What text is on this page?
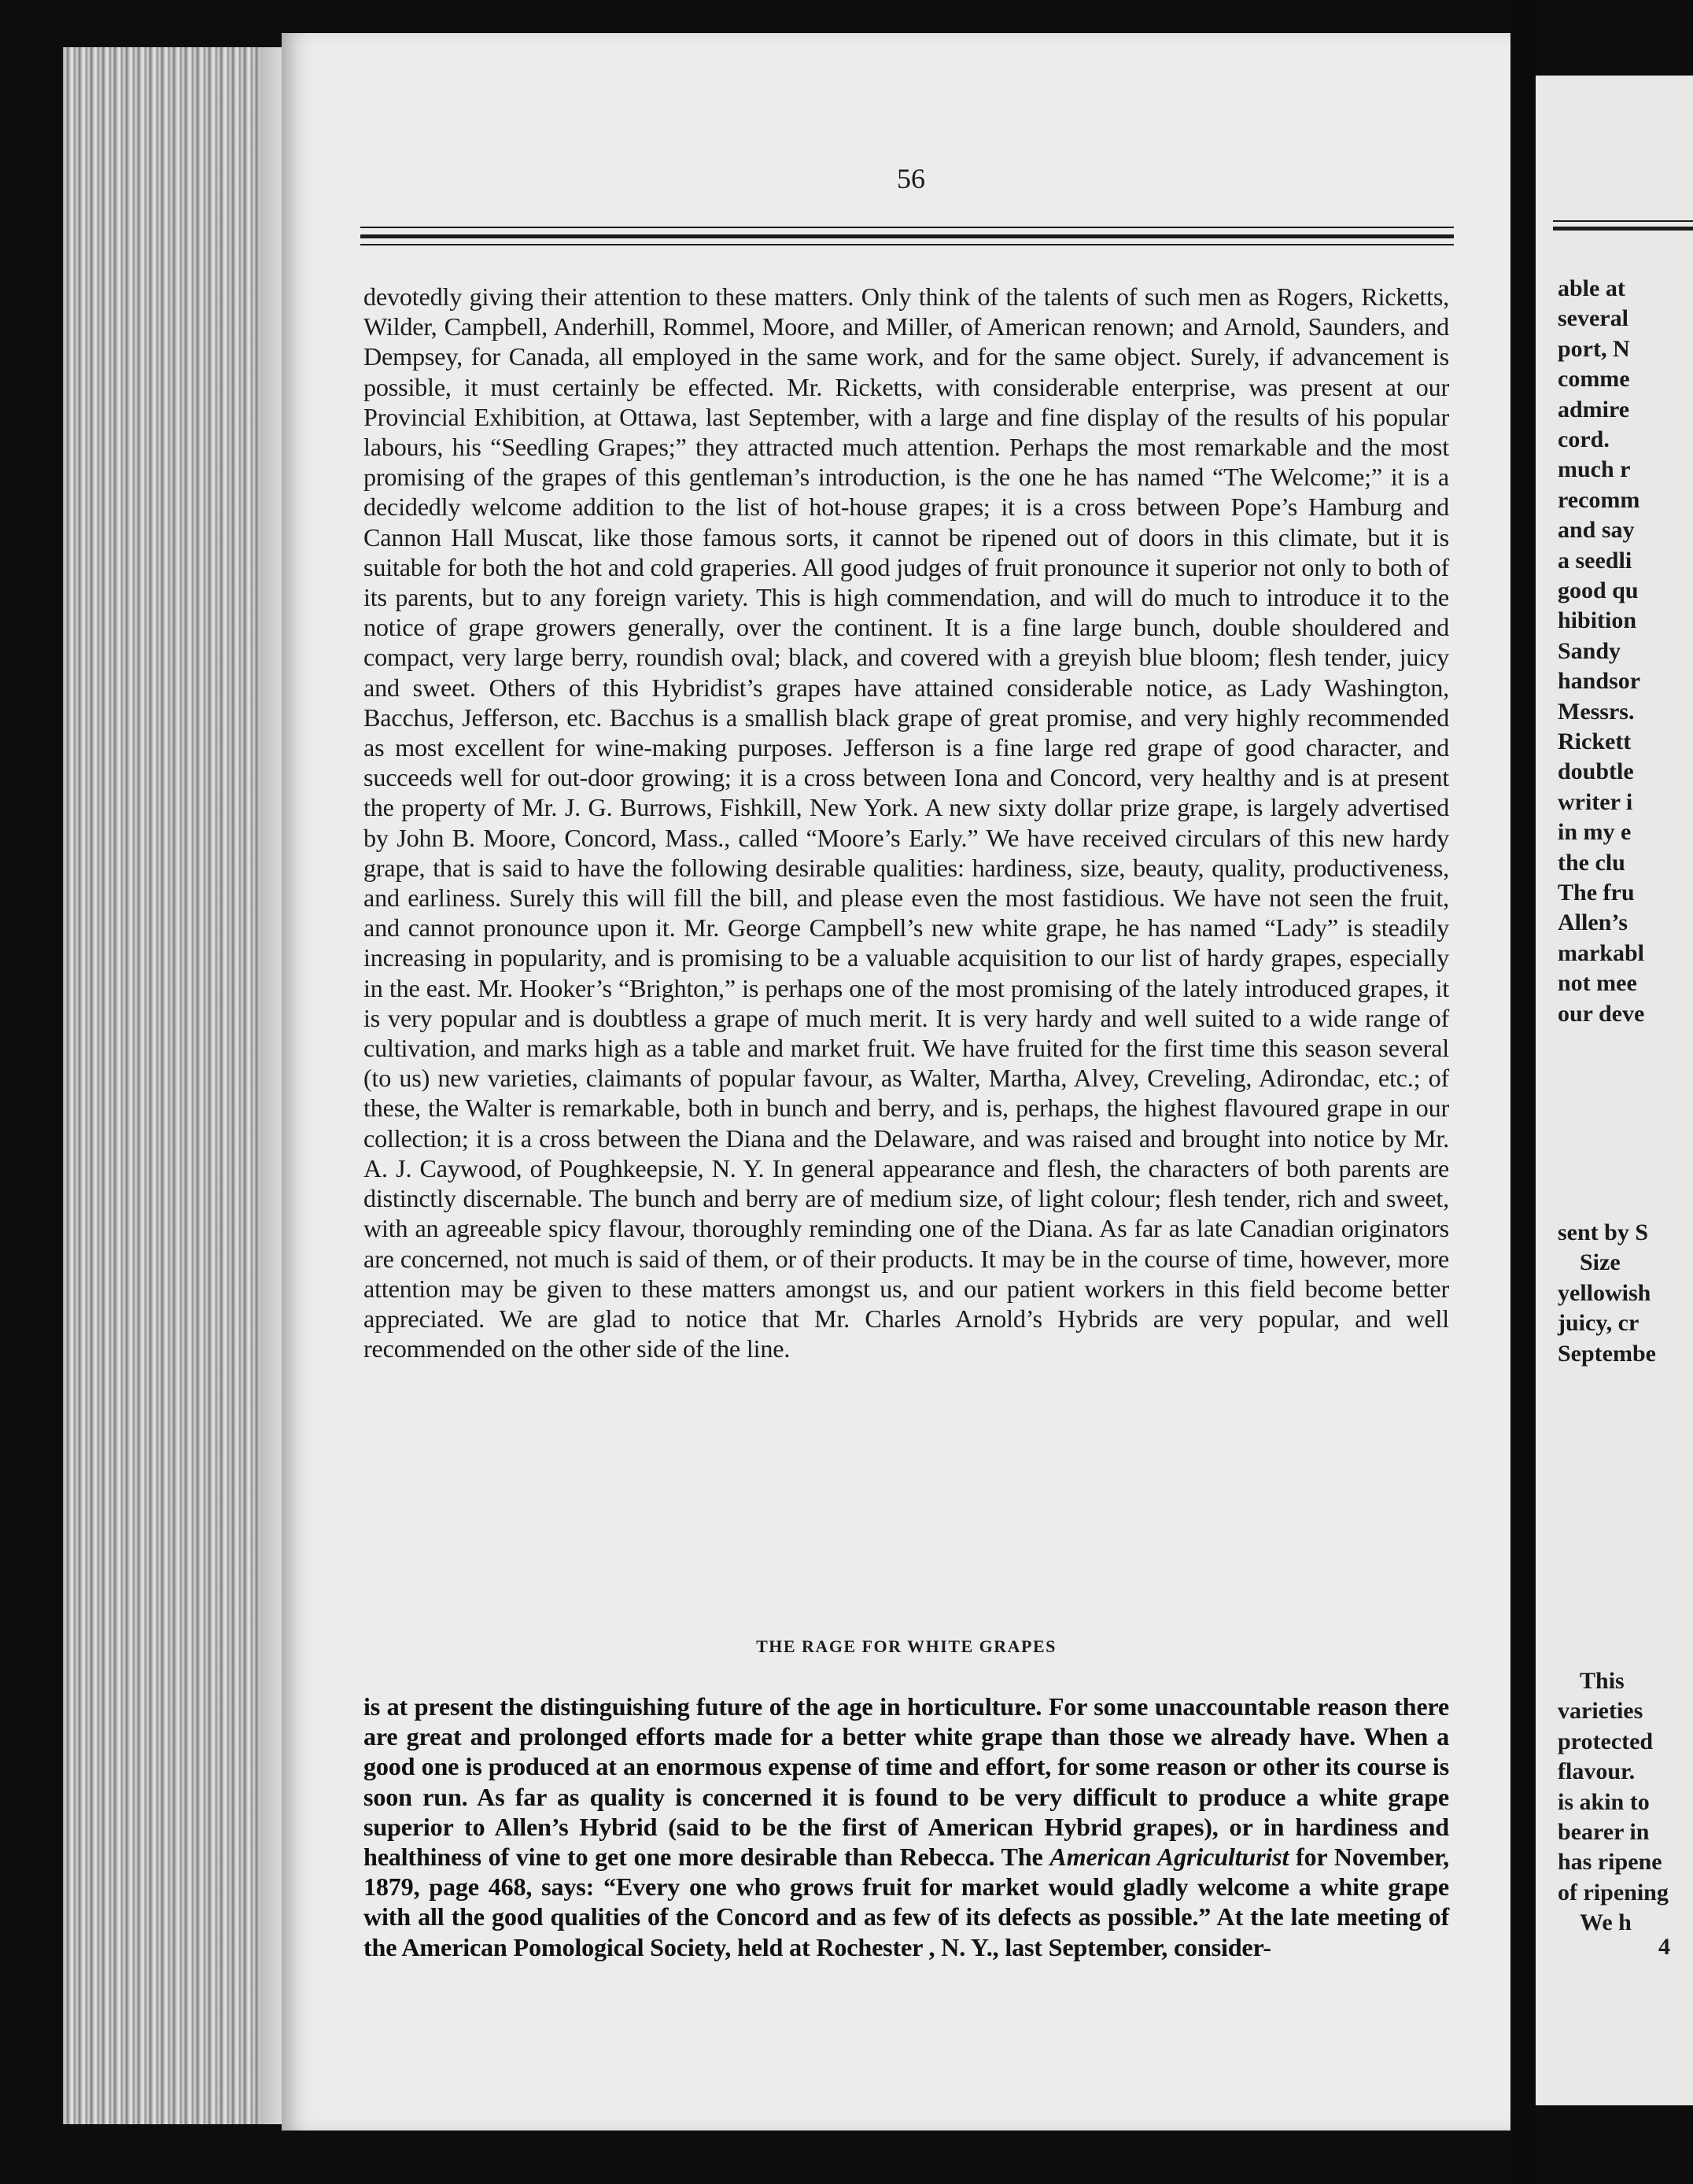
56

devotedly giving their attention to these matters. Only think of the talents of such men as Rogers, Ricketts, Wilder, Campbell, Anderhill, Rommel, Moore, and Miller, of American renown; and Arnold, Saunders, and Dempsey, for Canada, all employed in the same work, and for the same object. Surely, if advancement is possible, it must certainly be effected. Mr. Ricketts, with considerable enterprise, was present at our Provincial Exhibition, at Ottawa, last September, with a large and fine display of the results of his popular labours, his “Seedling Grapes;” they attracted much attention. Perhaps the most remarkable and the most promising of the grapes of this gentleman’s introduction, is the one he has named “The Welcome;” it is a decidedly welcome addition to the list of hot-house grapes; it is a cross between Pope’s Hamburg and Cannon Hall Muscat, like those famous sorts, it cannot be ripened out of doors in this climate, but it is suitable for both the hot and cold graperies. All good judges of fruit pronounce it superior not only to both of its parents, but to any foreign variety. This is high commendation, and will do much to introduce it to the notice of grape growers generally, over the continent. It is a fine large bunch, double shouldered and compact, very large berry, roundish oval; black, and covered with a greyish blue bloom; flesh tender, juicy and sweet. Others of this Hybridist’s grapes have attained considerable notice, as Lady Washington, Bacchus, Jefferson, etc. Bacchus is a smallish black grape of great promise, and very highly recommended as most excellent for wine-making purposes. Jefferson is a fine large red grape of good character, and succeeds well for out-door growing; it is a cross between Iona and Concord, very healthy and is at present the property of Mr. J. G. Burrows, Fishkill, New York. A new sixty dollar prize grape, is largely advertised by John B. Moore, Concord, Mass., called “Moore’s Early.” We have received circulars of this new hardy grape, that is said to have the following desirable qualities: hardiness, size, beauty, quality, productiveness, and earliness. Surely this will fill the bill, and please even the most fastidious. We have not seen the fruit, and cannot pronounce upon it. Mr. George Campbell’s new white grape, he has named “Lady” is steadily increasing in popularity, and is promising to be a valuable acquisition to our list of hardy grapes, especially in the east. Mr. Hooker’s “Brighton,” is perhaps one of the most promising of the lately introduced grapes, it is very popular and is doubtless a grape of much merit. It is very hardy and well suited to a wide range of cultivation, and marks high as a table and market fruit. We have fruited for the first time this season several (to us) new varieties, claimants of popular favour, as Walter, Martha, Alvey, Creveling, Adirondac, etc.; of these, the Walter is remarkable, both in bunch and berry, and is, perhaps, the highest flavoured grape in our collection; it is a cross between the Diana and the Delaware, and was raised and brought into notice by Mr. A. J. Caywood, of Poughkeepsie, N. Y. In general appearance and flesh, the characters of both parents are distinctly discernable. The bunch and berry are of medium size, of light colour; flesh tender, rich and sweet, with an agreeable spicy flavour, thoroughly reminding one of the Diana. As far as late Canadian originators are concerned, not much is said of them, or of their products. It may be in the course of time, however, more attention may be given to these matters amongst us, and our patient workers in this field become better appreciated. We are glad to notice that Mr. Charles Arnold’s Hybrids are very popular, and well recommended on the other side of the line.

THE RAGE FOR WHITE GRAPES

is at present the distinguishing future of the age in horticulture. For some unaccountable reason there are great and prolonged efforts made for a better white grape than those we already have. When a good one is produced at an enormous expense of time and effort, for some reason or other its course is soon run. As far as quality is concerned it is found to be very difficult to produce a white grape superior to Allen’s Hybrid (said to be the first of American Hybrid grapes), or in hardiness and healthiness of vine to get one more desirable than Rebecca. The American Agriculturist for November, 1879, page 468, says: “Every one who grows fruit for market would gladly welcome a white grape with all the good qualities of the Concord and as few of its defects as possible.” At the late meeting of the American Pomological Society, held at Rochester , N. Y., last September, consider-

able at
several
port, N
comme
admire
cord.
much r
recomm
and say
a seedli
good qu
hibition
Sandy
handsor
Messrs.
Rickett
doubtle
writer i
in my e
the clu
The fru
Allen’s
markabl
not mee
our deve
sent by S
Size
yellowish
juicy, cr
Septembe
This
varieties
protected
flavour.
is akin to
bearer in
has ripene
of ripening
We h
4
